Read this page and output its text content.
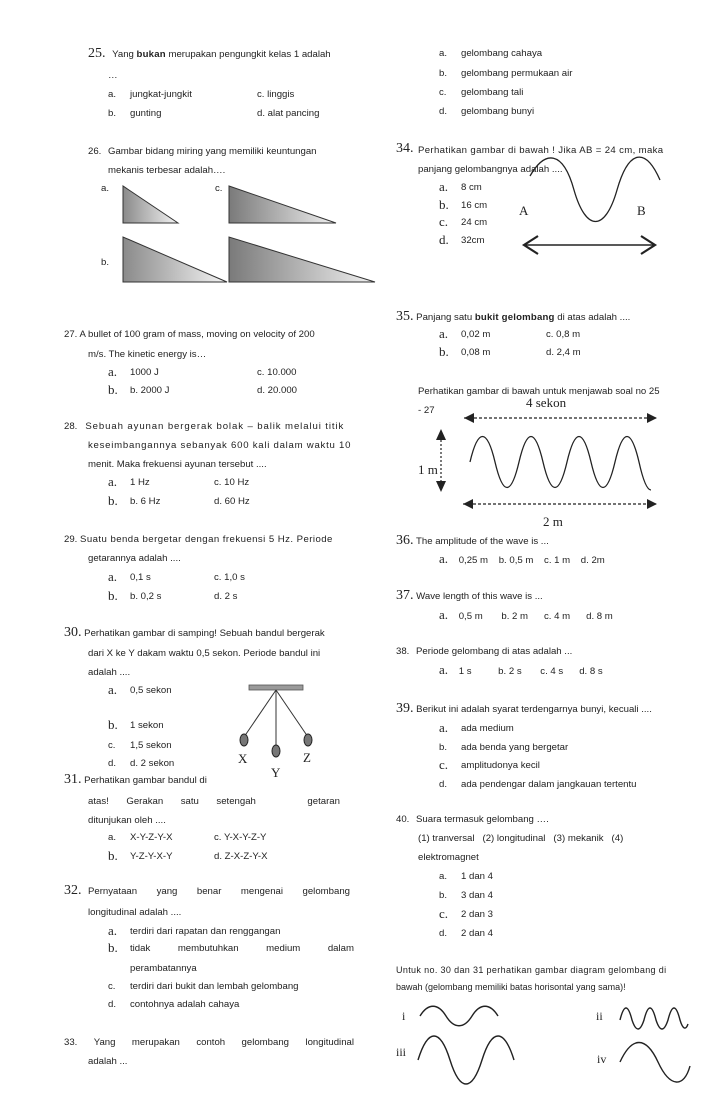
25. Yang bukan merupakan pengungkit kelas 1 adalah
…
a. jungkat-jungkit	c. linggis
b. gunting	d. alat pancing
26. Gambar bidang miring yang memiliki keuntungan
mekanis terbesar adalah….
a.	c.
b.
27. A bullet of 100 gram of mass, moving on velocity of 200
m/s. The kinetic energy is…
a. 1000 J	c. 10.000
b. b. 2000 J	d. 20.000
28. Sebuah ayunan bergerak bolak – balik melalui titik
keseimbangannya sebanyak 600 kali dalam waktu 10
menit. Maka frekuensi ayunan tersebut ....
a. 1 Hz	c. 10 Hz
b. b. 6 Hz	d. 60 Hz
29. Suatu benda bergetar dengan frekuensi 5 Hz. Periode
getarannya adalah ....
a. 0,1 s	c. 1,0 s
b. b. 0,2 s	d. 2 s
30. Perhatikan gambar di samping! Sebuah bandul bergerak
dari X ke Y dakam waktu 0,5 sekon. Periode bandul ini
adalah ....
a. 0,5 sekon
b. 1 sekon
c. 1,5 sekon
d. d. 2 sekon	X
Y
Z
31. Perhatikan gambar bandul di
atas! Gerakan satu setengah	getaran
ditunjukan oleh ....
a. X-Y-Z-Y-X	c. Y-X-Y-Z-Y
b. Y-Z-Y-X-Y	d. Z-X-Z-Y-X
32. Pernyataan yang benar mengenai gelombang
longitudinal adalah ....
a. terdiri dari rapatan dan renggangan
b. tidak	membutuhkan	medium	dalam
perambatannya
c. terdiri dari bukit dan lembah gelombang
d. contohnya adalah cahaya
33. Yang merupakan contoh gelombang longitudinal
adalah ...
a. gelombang cahaya
b. gelombang permukaan air
c. gelombang tali
d. gelombang bunyi
34. Perhatikan gambar di bawah ! Jika AB = 24 cm, maka
panjang gelombangnya adalah ....
a. 8 cm
b. 16 cm
c. 24 cm
d. 32cm
A	B
35. Panjang satu bukit gelombang di atas adalah ....
a. 0,02 m	c. 0,8 m
b. 0,08 m	d. 2,4 m
Perhatikan gambar di bawah untuk menjawab soal no 25
- 27
4 sekon
1 m
2 m
36. The amplitude of the wave is ...
a. 0,25 m    b. 0,5 m    c. 1 m    d. 2m
37. Wave length of this wave is ...
a. 0,5 m       b. 2 m      c. 4 m      d. 8 m
38. Periode gelombang di atas adalah ...
a. 1 s          b. 2 s       c. 4 s      d. 8 s
39. Berikut ini adalah syarat terdengarnya bunyi, kecuali ....
a. ada medium
b. ada benda yang bergetar
c. amplitudonya kecil
d. ada pendengar dalam jangkauan tertentu
40. Suara termasuk gelombang ….
(1) tranversal   (2) longitudinal   (3) mekanik   (4)
elektromagnet
a. 1 dan 4
b. 3 dan 4
c. 2 dan 3
d. 2 dan 4
Untuk no. 30 dan 31 perhatikan gambar diagram gelombang di
bawah (gelombang memiliki batas horisontal yang sama)!
i	ii
iii	iv
